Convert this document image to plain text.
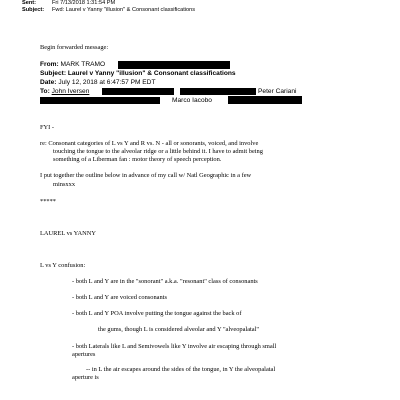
Sent:	Fri 7/13/2018 1:31:54 PM
Subject: Fwd: Laurel v Yanny "illusion" & Consonant classifications
Begin forwarded message:
From: MARK TRAMO
Subject: Laurel v Yanny "illusion" & Consonant classifications
Date: July 12, 2018 at 6:47:57 PM EDT
To: John Iversen	Peter Cariani
Marco Iacobo
FYI -
re: Consonant categories of L vs Y and R vs. N - all or sonorants, voiced, and involve
touching the tongue to the alveolar ridge or a little behind it. I have to admit being
something of a Liberman fan : motor theory of speech perception.
I put together the outline below in advance of my call w/ Natl Geographic in a few
minsxxx
*****
LAUREL vs YANNY
L vs Y confusion:
- both L and Y are in the "sonorant" a.k.a. "resonant" class of consonants
- both L and Y are voiced consonants
- both L and Y POA involve putting the tongue against the back of
the gums, though L is considered alveolar and Y "alveopalatal"
- both Laterals like L and Semivowels like Y involve air escaping through small
apertures
-- in L the air escapes around the sides of the tongue, in Y the alveopalatal
aperture is
